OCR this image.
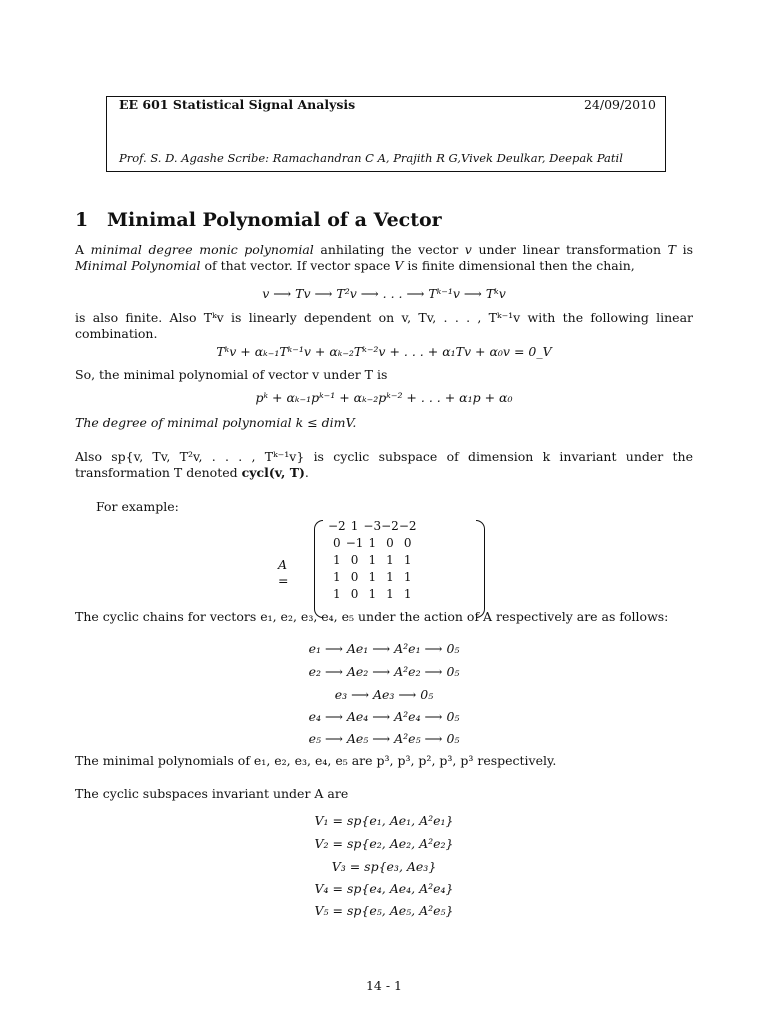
EE 601 Statistical Signal Analysis	24/09/2010
Prof. S. D. Agashe Scribe: Ramachandran C A, Prajith R G,Vivek Deulkar, Deepak Patil
1 Minimal Polynomial of a Vector
A minimal degree monic polynomial anhilating the vector v under linear transformation T is Minimal Polynomial of that vector. If vector space V is finite dimensional then the chain,
v ⟶ Tv ⟶ T²v ⟶ . . . ⟶ Tᵏ⁻¹v ⟶ Tᵏv
is also finite. Also Tᵏv is linearly dependent on v, Tv, . . . , Tᵏ⁻¹v with the following linear combination.
Tᵏv + αₖ₋₁Tᵏ⁻¹v + αₖ₋₂Tᵏ⁻²v + . . . + α₁Tv + α₀v = 0_V
So, the minimal polynomial of vector v under T is
pᵏ + αₖ₋₁pᵏ⁻¹ + αₖ₋₂pᵏ⁻² + . . . + α₁p + α₀
The degree of minimal polynomial k ≤ dimV.
Also sp{v, Tv, T²v, . . . , Tᵏ⁻¹v} is cyclic subspace of dimension k invariant under the transformation T denoted cycl(v, T).
For example:
A =
−2	1	−3	−2	−2
0	−1	1	0	0
1	0	1	1	1
1	0	1	1	1
1	0	1	1	1
The cyclic chains for vectors e₁, e₂, e₃, e₄, e₅ under the action of A respectively are as follows:
e₁ ⟶ Ae₁ ⟶ A²e₁ ⟶ 0₅
e₂ ⟶ Ae₂ ⟶ A²e₂ ⟶ 0₅
e₃ ⟶ Ae₃ ⟶ 0₅
e₄ ⟶ Ae₄ ⟶ A²e₄ ⟶ 0₅
e₅ ⟶ Ae₅ ⟶ A²e₅ ⟶ 0₅
The minimal polynomials of e₁, e₂, e₃, e₄, e₅ are p³, p³, p², p³, p³ respectively.
The cyclic subspaces invariant under A are
V₁ = sp{e₁, Ae₁, A²e₁}
V₂ = sp{e₂, Ae₂, A²e₂}
V₃ = sp{e₃, Ae₃}
V₄ = sp{e₄, Ae₄, A²e₄}
V₅ = sp{e₅, Ae₅, A²e₅}
14 - 1
